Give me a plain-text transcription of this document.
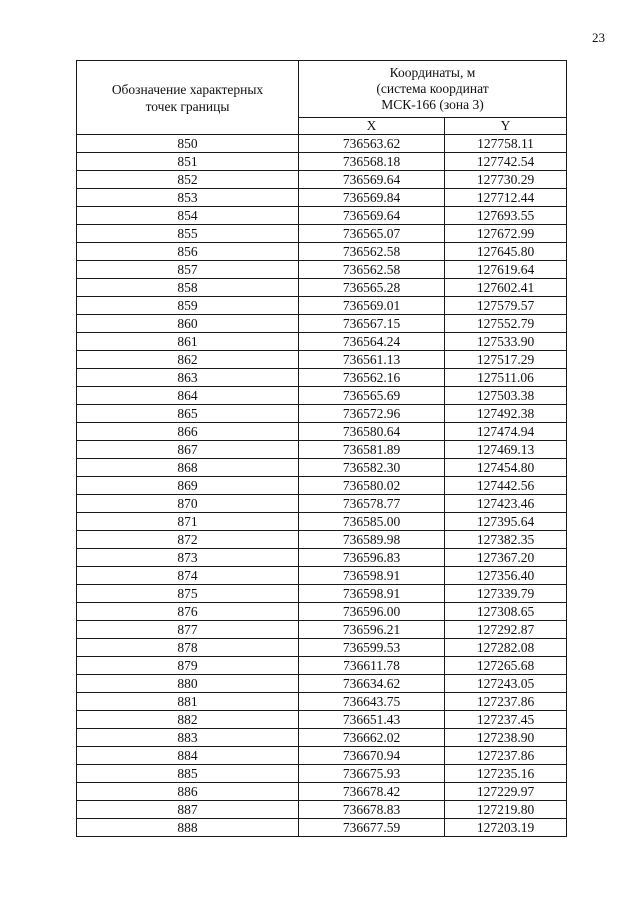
23
Обозначение характерных
точек границы	Координаты, м
(система координат
МСК-166 (зона 3)	
	X	Y
850	736563.62	127758.11
851	736568.18	127742.54
852	736569.64	127730.29
853	736569.84	127712.44
854	736569.64	127693.55
855	736565.07	127672.99
856	736562.58	127645.80
857	736562.58	127619.64
858	736565.28	127602.41
859	736569.01	127579.57
860	736567.15	127552.79
861	736564.24	127533.90
862	736561.13	127517.29
863	736562.16	127511.06
864	736565.69	127503.38
865	736572.96	127492.38
866	736580.64	127474.94
867	736581.89	127469.13
868	736582.30	127454.80
869	736580.02	127442.56
870	736578.77	127423.46
871	736585.00	127395.64
872	736589.98	127382.35
873	736596.83	127367.20
874	736598.91	127356.40
875	736598.91	127339.79
876	736596.00	127308.65
877	736596.21	127292.87
878	736599.53	127282.08
879	736611.78	127265.68
880	736634.62	127243.05
881	736643.75	127237.86
882	736651.43	127237.45
883	736662.02	127238.90
884	736670.94	127237.86
885	736675.93	127235.16
886	736678.42	127229.97
887	736678.83	127219.80
888	736677.59	127203.19
